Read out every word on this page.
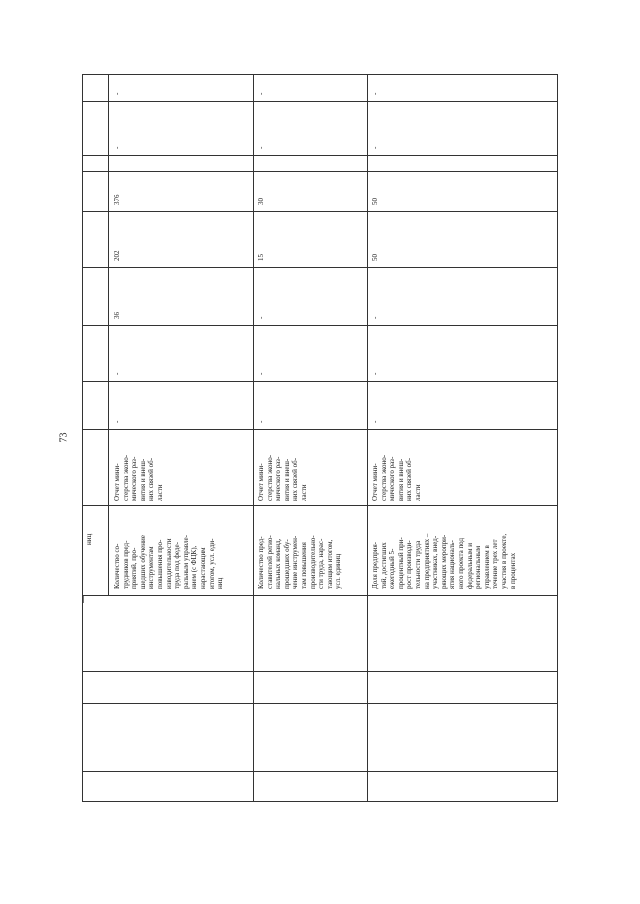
73
ниц
Количество со-
трудников пред-
приятий, про-
шедших обучение
инструментам
повышения про-
изводительности
труда под феде-
ральным управле-
нием (с ФЦК),
нарастающим
итогом, усл. еди-
ниц
Отчет мини-
стерства эконо-
мического раз-
вития и внеш-
них связей об-
ласти
-
-
36
202
376
-
-
Количество пред-
ставителей регио-
нальных команд,
прошедших обу-
чение инструмен-
там повышения
производительно-
сти труда, нарас-
тающим итогом,
усл. единиц
Отчет мини-
стерства эконо-
мического раз-
вития и внеш-
них связей об-
ласти
-
-
-
15
30
-
-
Доля предприя-
тий, достигших
ежегодный 5-
процентный при-
рост производи-
тельности труда
на предприятиях –
участниках, внед-
ряющих меропри-
ятия националь-
ного проекта под
федеральным и
региональным
управлением в
течение трех лет
участия в проекте,
в процентах
Отчет мини-
стерства эконо-
мического раз-
вития и внеш-
них связей об-
ласти
-
-
-
50
50
-
-
